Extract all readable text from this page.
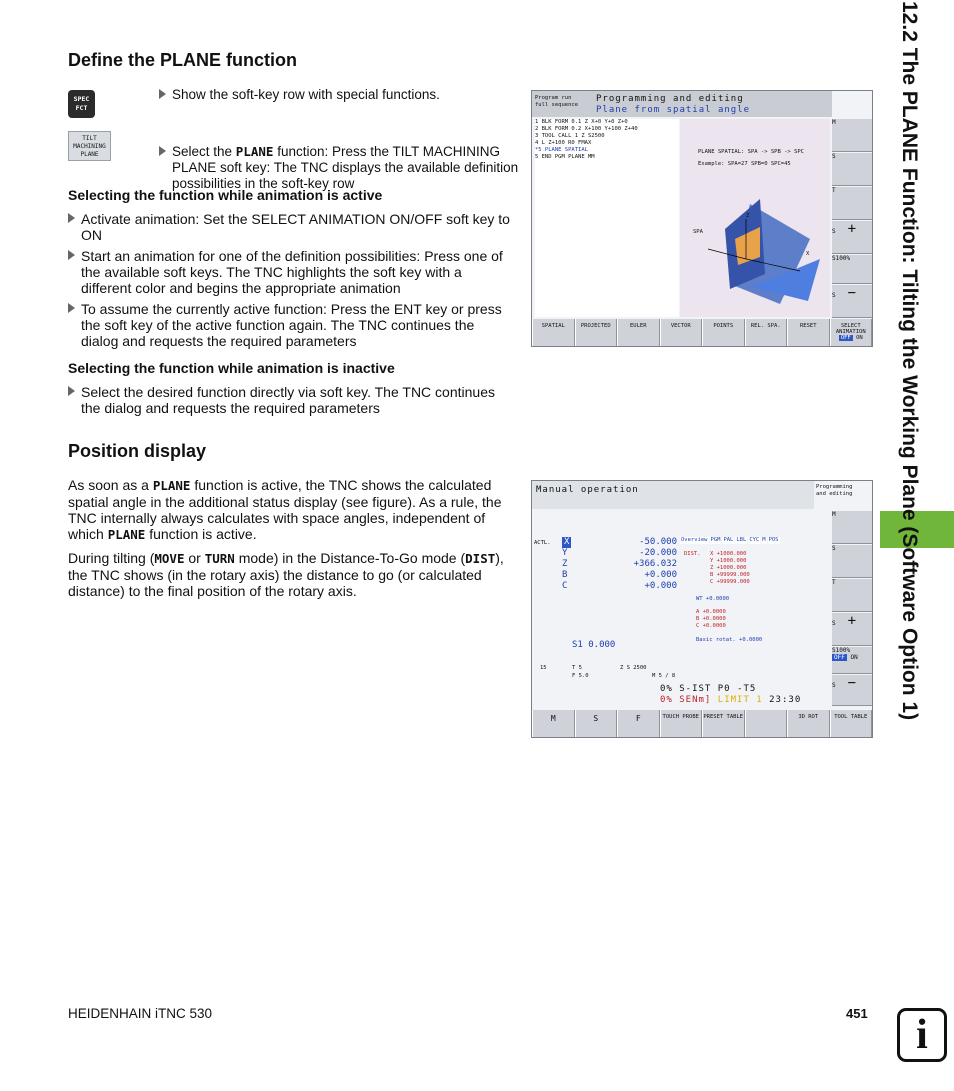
Define the PLANE function
SPEC
FCT
TILT
MACHINING
PLANE
Show the soft-key row with special functions.
Select the PLANE function: Press the TILT MACHINING PLANE soft key: The TNC displays the available definition possibilities in the soft-key row
Selecting the function while animation is active
Activate animation: Set the SELECT ANIMATION ON/OFF soft key to ON
Start an animation for one of the definition possibilities: Press one of the available soft keys. The TNC highlights the soft key with a different color and begins the appropriate animation
To assume the currently active function: Press the ENT key or press the soft key of the active function again. The TNC continues the dialog and requests the required parameters
Selecting the function while animation is inactive
Select the desired function directly via soft key. The TNC continues the dialog and requests the required parameters
Position display

As soon as a PLANE function is active, the TNC shows the calculated spatial angle in the additional status display (see figure). As a rule, the TNC internally always calculates with space angles, independent of which PLANE function is active.

During tilting (MOVE or TURN mode) in the Distance-To-Go mode (DIST), the TNC shows (in the rotary axis) the distance to go (or calculated distance) to the final position of the rotary axis.

Program run
full sequence
Programming and editing
Plane from spatial angle
1 BLK FORM 0.1 Z X+0 Y+0 Z+0
2 BLK FORM 0.2 X+100 Y+100 Z+40
3 TOOL CALL 1 Z S2500
4 L Z+100 R0 FMAX
*5 PLANE SPATIAL
5 END PGM PLANE MM
PLANE SPATIAL: SPA -> SPB -> SPC
Example: SPA=27 SPB=0 SPC=45
Z
X
SPA
M
S
T
S +
S100%
S −
SPATIAL	PROJECTED	EULER	VECTOR	POINTS	REL. SPA.	RESET	SELECT ANIMATION
OFF ON
Manual operation	Programming
and editing
ACTL. X	-50.000
Y	-20.000
Z	+366.032
B	+0.000
C	+0.000
S1 0.000
Overview PGM PAL LBL CYC M POS
DIST. X +1000.000
Y +1000.000
Z +1000.000
B +99999.000
C +99999.000
WT +0.0000
A +0.0000
B +0.0000
C +0.0000
Basic rotat. +0.0000
15	T 5	Z S 2500
F 5.0	M 5 / 8
0% S-IST P0 -T5
0% SENm] LIMIT 1 23:30
M
S
T
S +
S100%
OFF ON
S −
M	S	F	TOUCH PROBE PRESET TABLE	3D ROT	TOOL TABLE	12.2 The PLANE Function: Tilting the Working Plane (Software Option 1)
HEIDENHAIN iTNC 530	451	i
